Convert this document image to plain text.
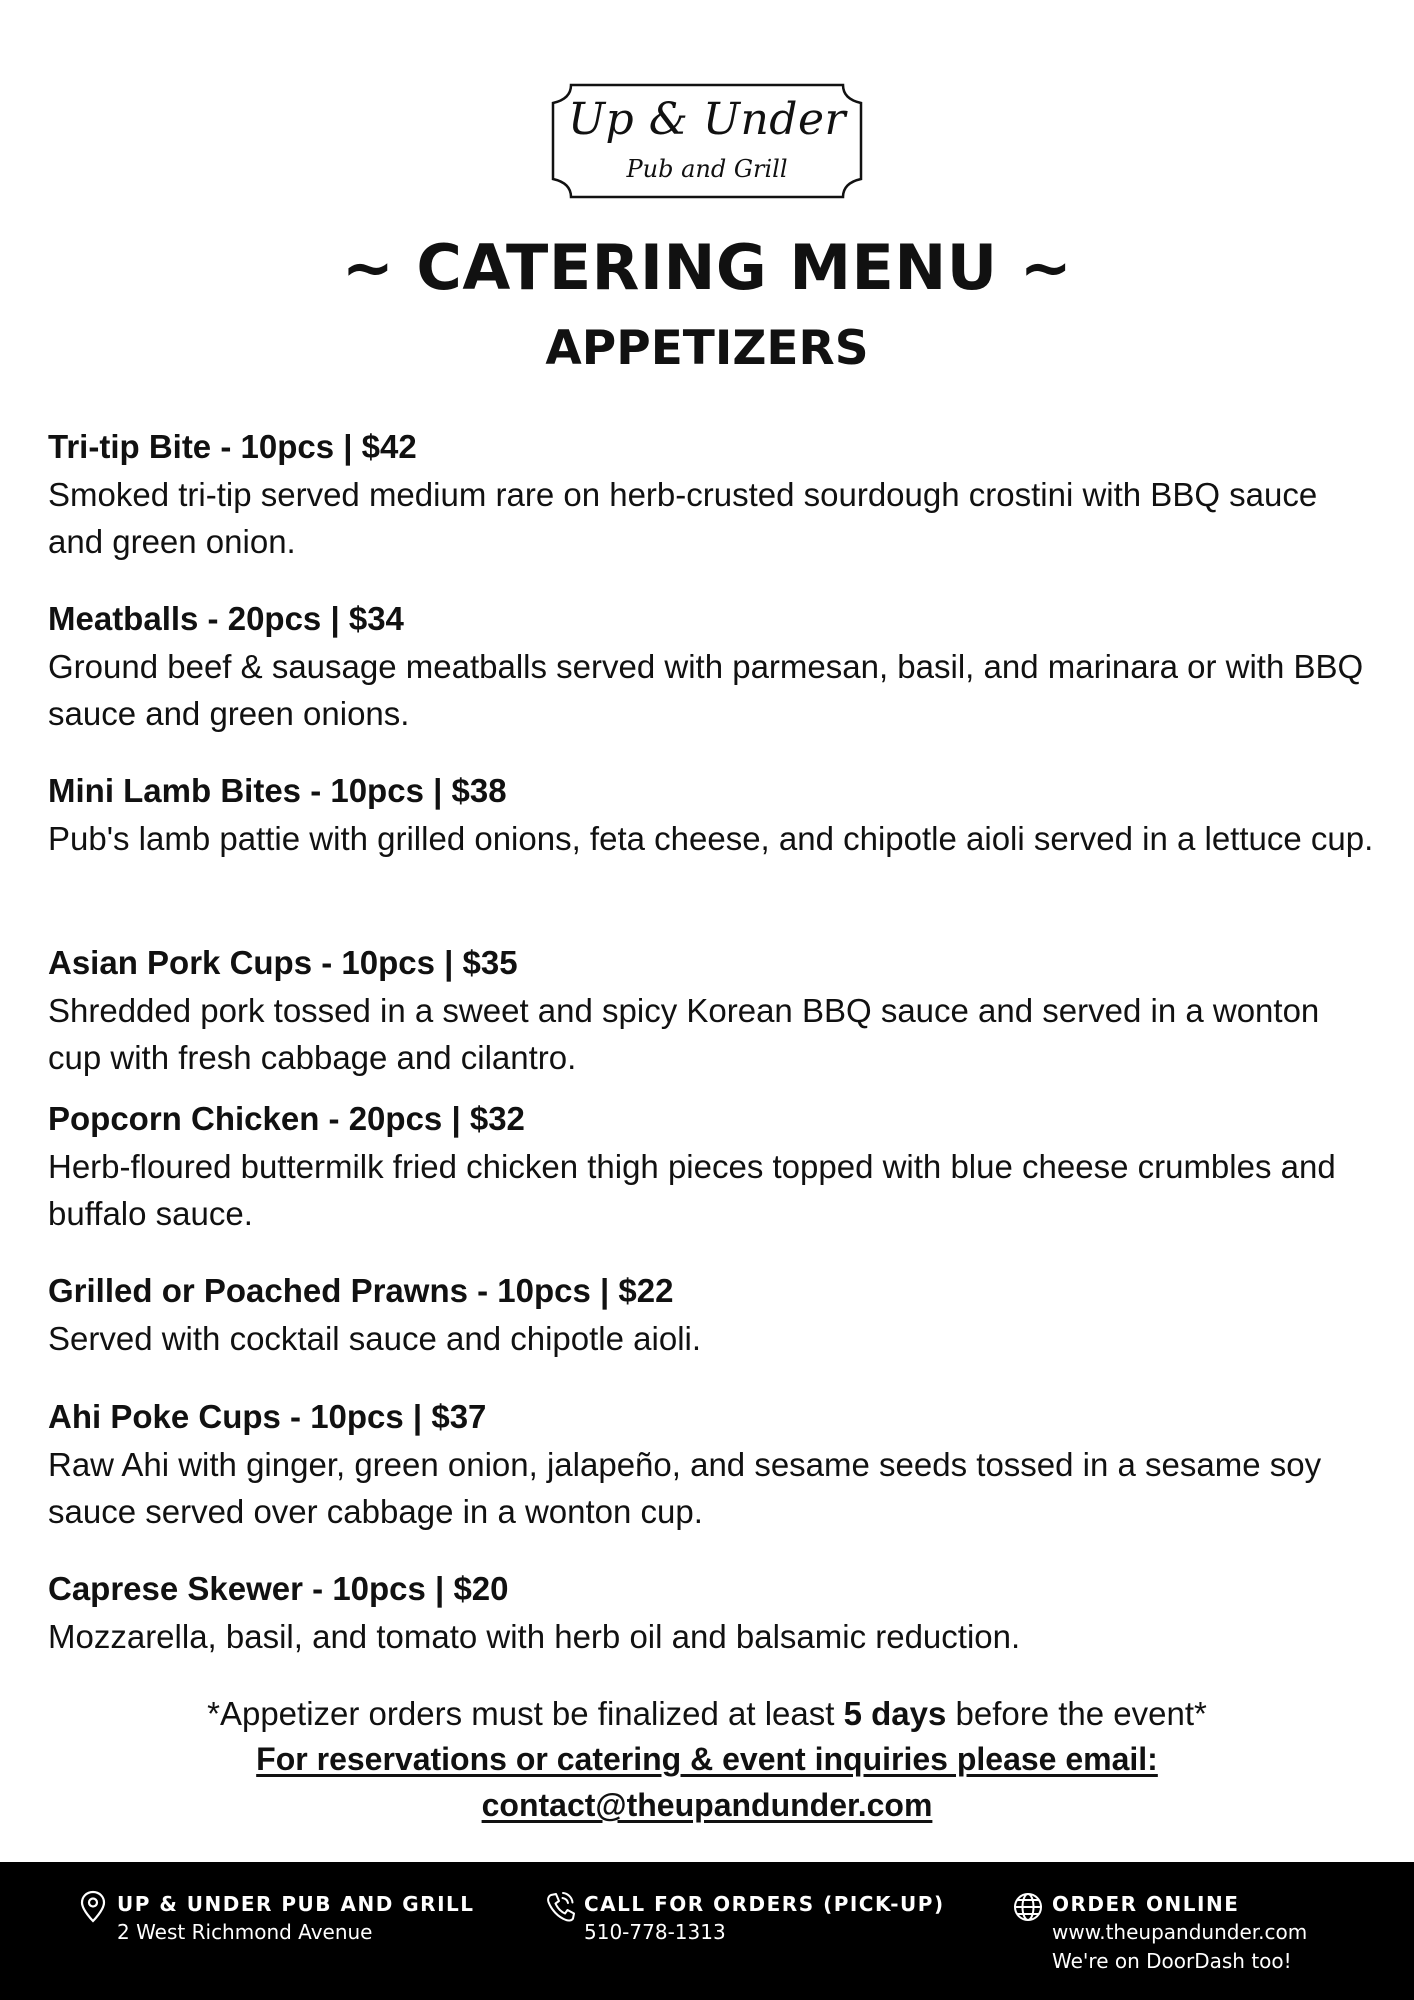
Up & Under
Pub and Grill
~ CATERING MENU ~
APPETIZERS
Tri-tip Bite - 10pcs | $42
Smoked tri-tip served medium rare on herb-crusted sourdough crostini with BBQ sauce and green onion.
Meatballs - 20pcs | $34
Ground beef & sausage meatballs served with parmesan, basil, and marinara or with BBQ sauce and green onions.
Mini Lamb Bites - 10pcs | $38
Pub's lamb pattie with grilled onions, feta cheese, and chipotle aioli served in a lettuce cup.
Asian Pork Cups - 10pcs | $35
Shredded pork tossed in a sweet and spicy Korean BBQ sauce and served in a wonton cup with fresh cabbage and cilantro.
Popcorn Chicken - 20pcs | $32
Herb-floured buttermilk fried chicken thigh pieces topped with blue cheese crumbles and buffalo sauce.
Grilled or Poached Prawns - 10pcs | $22
Served with cocktail sauce and chipotle aioli.
Ahi Poke Cups - 10pcs | $37
Raw Ahi with ginger, green onion, jalapeño, and sesame seeds tossed in a sesame soy sauce served over cabbage in a wonton cup.
Caprese Skewer - 10pcs | $20
Mozzarella, basil, and tomato with herb oil and balsamic reduction.
*Appetizer orders must be finalized at least 5 days before the event*
For reservations or catering & event inquiries please email:
contact@theupandunder.com
UP & UNDER PUB AND GRILL
2 West Richmond Avenue
CALL FOR ORDERS (PICK-UP)
510-778-1313
ORDER ONLINE
www.theupandunder.com
We're on DoorDash too!
